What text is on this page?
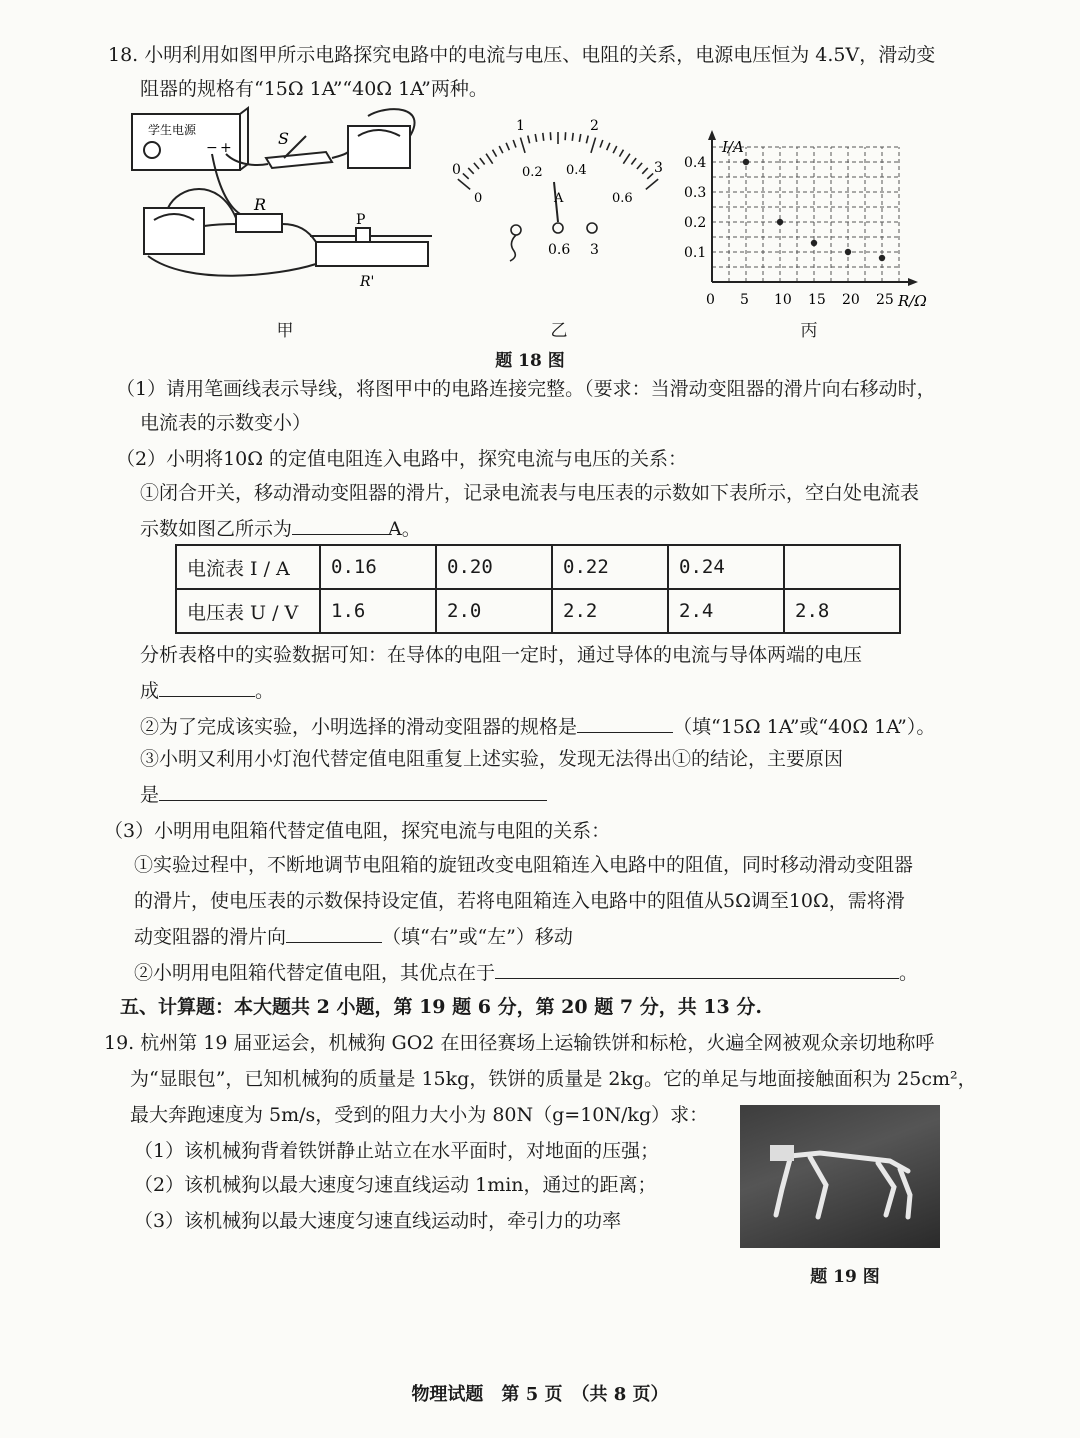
18. 小明利用如图甲所示电路探究电路中的电流与电压、电阻的关系，电源电压恒为 4.5V，滑动变
阻器的规格有“15Ω 1A”“40Ω 1A”两种。
学生电源
− +	S
R
P
R'
0
1	2
3
0
0.2 0.4
0.6
A
0.6 3
I/A
R/Ω
0.4
0.3
0.2
0.1
0 5 10 15 20 25
甲	乙	丙
题 18 图
（1）请用笔画线表示导线，将图甲中的电路连接完整。（要求：当滑动变阻器的滑片向右移动时，
电流表的示数变小）
（2）小明将10Ω 的定值电阻连入电路中，探究电流与电压的关系：
①闭合开关，移动滑动变阻器的滑片，记录电流表与电压表的示数如下表所示，空白处电流表
示数如图乙所示为	A。
电流表 I / A	0.16	0.20	0.22	0.24	
电压表 U / V	1.6	2.0	2.2	2.4	2.8
分析表格中的实验数据可知：在导体的电阻一定时，通过导体的电流与导体两端的电压
成	。
②为了完成该实验，小明选择的滑动变阻器的规格是	（填“15Ω 1A”或“40Ω 1A”）。
③小明又利用小灯泡代替定值电阻重复上述实验，发现无法得出①的结论，主要原因
是
（3）小明用电阻箱代替定值电阻，探究电流与电阻的关系：
①实验过程中，不断地调节电阻箱的旋钮改变电阻箱连入电路中的阻值，同时移动滑动变阻器
的滑片，使电压表的示数保持设定值，若将电阻箱连入电路中的阻值从5Ω调至10Ω，需将滑
动变阻器的滑片向	（填“右”或“左”）移动
②小明用电阻箱代替定值电阻，其优点在于	。
五、计算题：本大题共 2 小题，第 19 题 6 分，第 20 题 7 分，共 13 分.
19. 杭州第 19 届亚运会，机械狗 GO2 在田径赛场上运输铁饼和标枪，火遍全网被观众亲切地称呼
为“显眼包”，已知机械狗的质量是 15kg，铁饼的质量是 2kg。它的单足与地面接触面积为 25cm²，
最大奔跑速度为 5m/s，受到的阻力大小为 80N（g=10N/kg）求：
（1）该机械狗背着铁饼静止站立在水平面时，对地面的压强；
（2）该机械狗以最大速度匀速直线运动 1min，通过的距离；
（3）该机械狗以最大速度匀速直线运动时，牵引力的功率
题 19 图
物理试题　第 5 页　（共 8 页）
